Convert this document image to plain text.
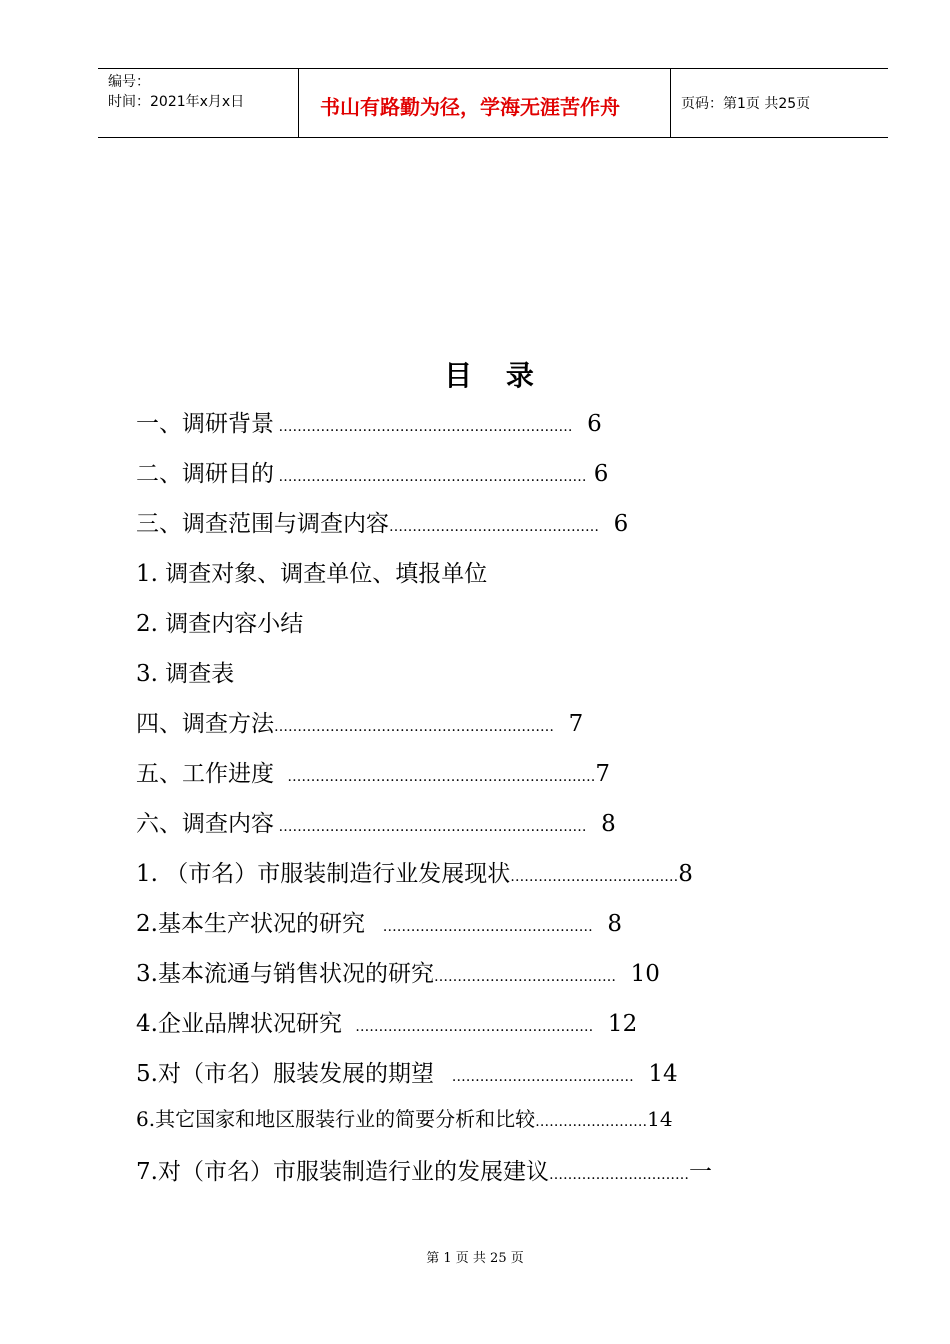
编号：
时间：2021年x月x日	书山有路勤为径，学海无涯苦作舟	页码：第1页 共25页
目 录
一、调研背景 ………………………………………………………  6
二、调研目的 ………………………………………………………… 6
三、调查范围与调查内容………………………………………  6
1. 调查对象、调查单位、填报单位
2. 调查内容小结
3. 调查表
四、调查方法……………………………………………………  7
五、工作进度   …………………………………………………………7
六、调查内容 …………………………………………………………  8
1. （市名）市服装制造行业发展现状………………………………8
2.基本生产状况的研究    ………………………………………  8
3.基本流通与销售状况的研究…………………………………  10
4.企业品牌状况研究   ……………………………………………  12
5.对（市名）服装发展的期望    …………………………………  14
6.其它国家和地区服装行业的简要分析和比较……………………14
7.对（市名）市服装制造行业的发展建议…………………………一
第 1 页 共 25 页
